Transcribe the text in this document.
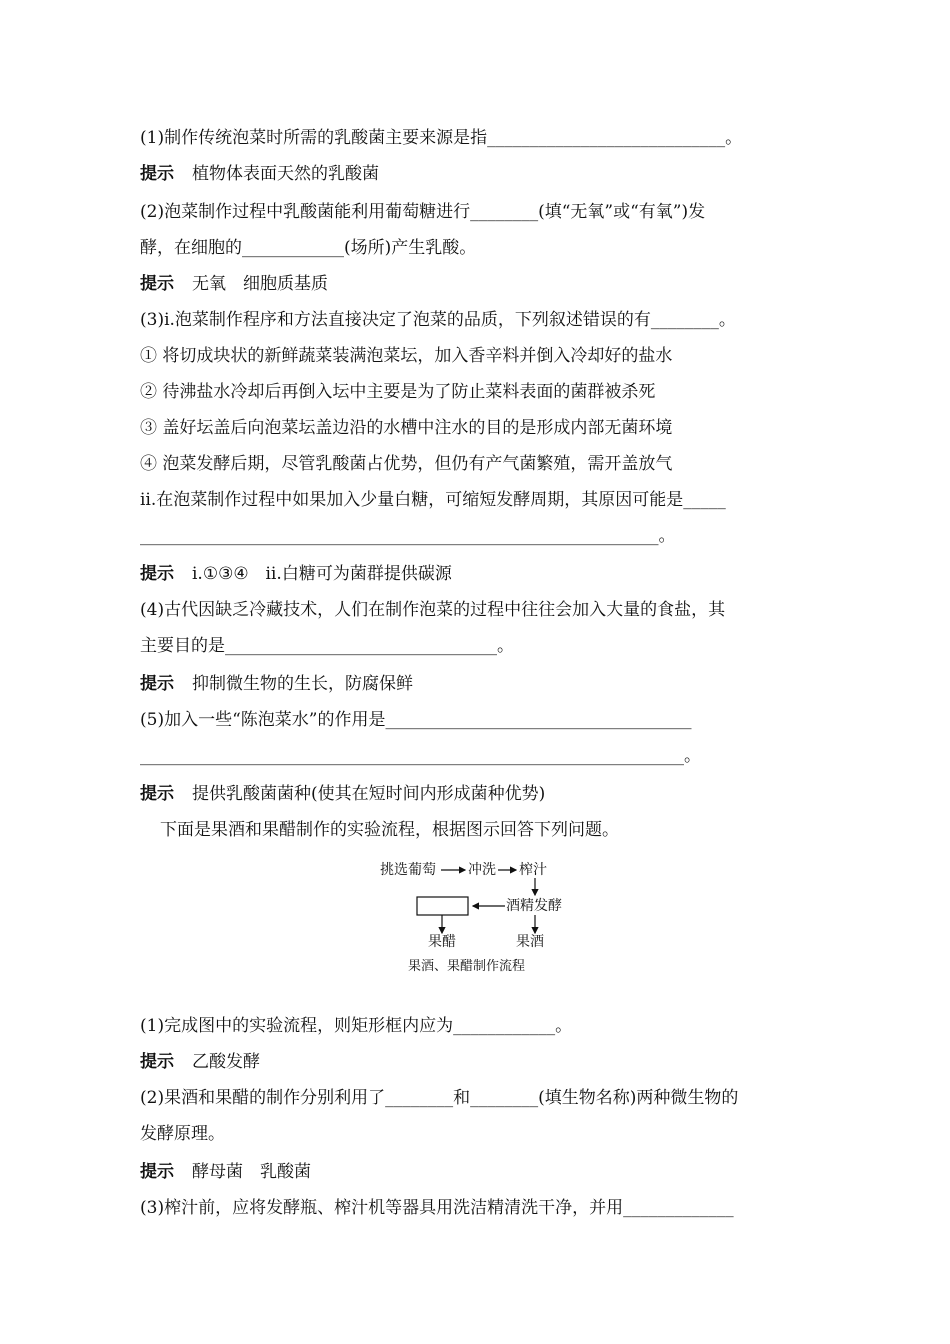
(1)制作传统泡菜时所需的乳酸菌主要来源是指____________________________。
提示 植物体表面天然的乳酸菌
(2)泡菜制作过程中乳酸菌能利用葡萄糖进行________(填“无氧”或“有氧”)发
酵，在细胞的____________(场所)产生乳酸。
提示 无氧　细胞质基质
(3)ⅰ.泡菜制作程序和方法直接决定了泡菜的品质，下列叙述错误的有________。
① 将切成块状的新鲜蔬菜装满泡菜坛，加入香辛料并倒入冷却好的盐水
② 待沸盐水冷却后再倒入坛中主要是为了防止菜料表面的菌群被杀死
③ 盖好坛盖后向泡菜坛盖边沿的水槽中注水的目的是形成内部无菌环境
④ 泡菜发酵后期，尽管乳酸菌占优势，但仍有产气菌繁殖，需开盖放气
ⅱ.在泡菜制作过程中如果加入少量白糖，可缩短发酵周期，其原因可能是_____
_____________________________________________________________。
提示 ⅰ.①③④　ⅱ.白糖可为菌群提供碳源
(4)古代因缺乏冷藏技术，人们在制作泡菜的过程中往往会加入大量的食盐，其
主要目的是________________________________。
提示 抑制微生物的生长，防腐保鲜
(5)加入一些“陈泡菜水”的作用是____________________________________
________________________________________________________________。
提示 提供乳酸菌菌种(使其在短时间内形成菌种优势)
下面是果酒和果醋制作的实验流程，根据图示回答下列问题。
挑选葡萄 冲洗 榨汁
酒精发酵
果醋	果酒
果酒、果醋制作流程
(1)完成图中的实验流程，则矩形框内应为____________。
提示 乙酸发酵
(2)果酒和果醋的制作分别利用了________和________(填生物名称)两种微生物的
发酵原理。
提示 酵母菌　乳酸菌
(3)榨汁前，应将发酵瓶、榨汁机等器具用洗洁精清洗干净，并用_____________
